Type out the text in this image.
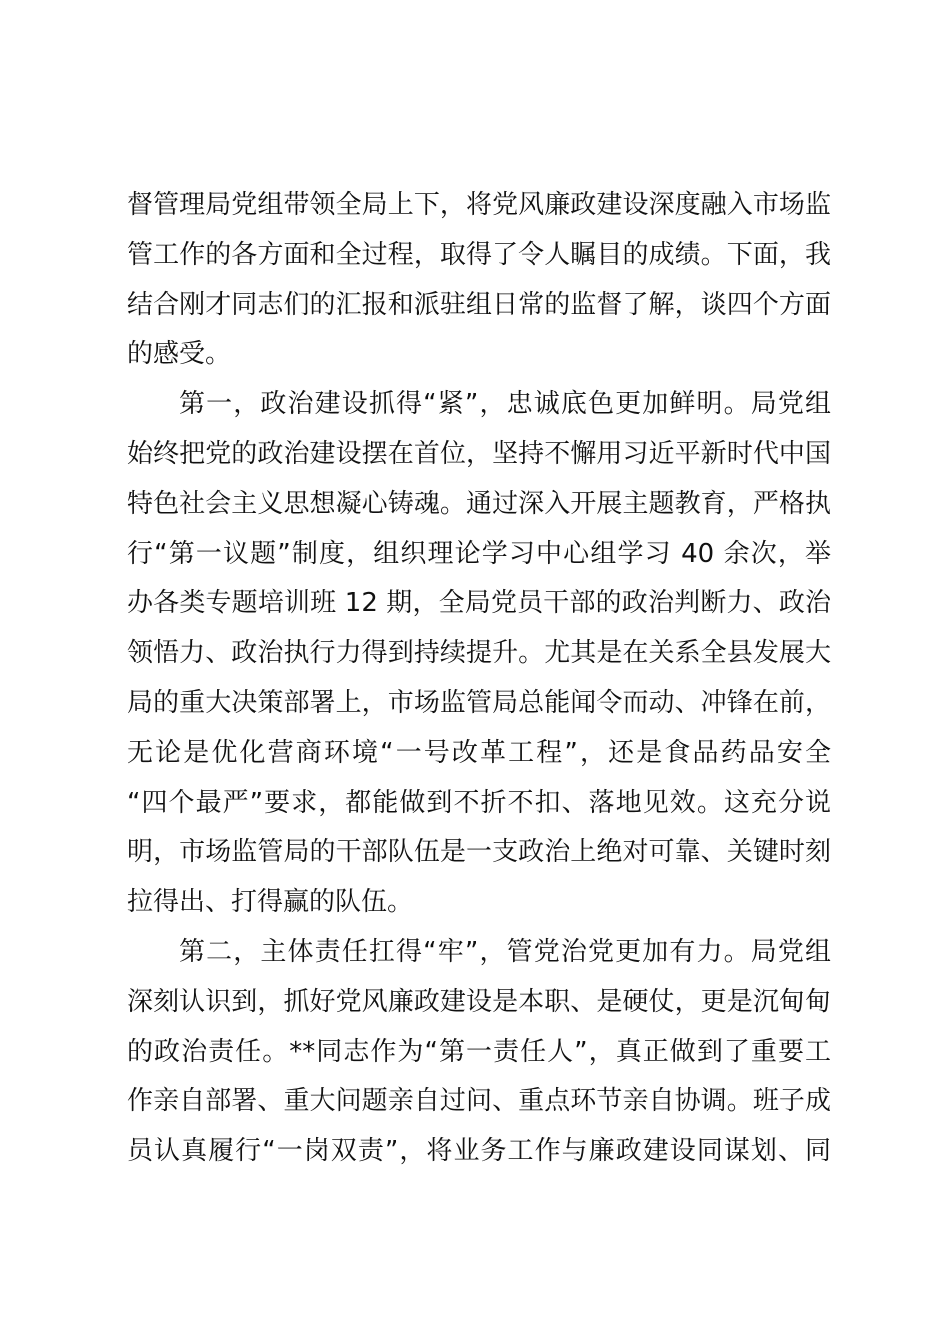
督管理局党组带领全局上下，将党风廉政建设深度融入市场监
管工作的各方面和全过程，取得了令人瞩目的成绩。下面，我
结合刚才同志们的汇报和派驻组日常的监督了解，谈四个方面
的感受。
第一，政治建设抓得“紧”，忠诚底色更加鲜明。局党组
始终把党的政治建设摆在首位，坚持不懈用习近平新时代中国
特色社会主义思想凝心铸魂。通过深入开展主题教育，严格执
行“第一议题”制度，组织理论学习中心组学习 40 余次，举
办各类专题培训班 12 期，全局党员干部的政治判断力、政治
领悟力、政治执行力得到持续提升。尤其是在关系全县发展大
局的重大决策部署上，市场监管局总能闻令而动、冲锋在前，
无论是优化营商环境“一号改革工程”，还是食品药品安全
“四个最严”要求，都能做到不折不扣、落地见效。这充分说
明，市场监管局的干部队伍是一支政治上绝对可靠、关键时刻
拉得出、打得赢的队伍。
第二，主体责任扛得“牢”，管党治党更加有力。局党组
深刻认识到，抓好党风廉政建设是本职、是硬仗，更是沉甸甸
的政治责任。**同志作为“第一责任人”，真正做到了重要工
作亲自部署、重大问题亲自过问、重点环节亲自协调。班子成
员认真履行“一岗双责”，将业务工作与廉政建设同谋划、同
